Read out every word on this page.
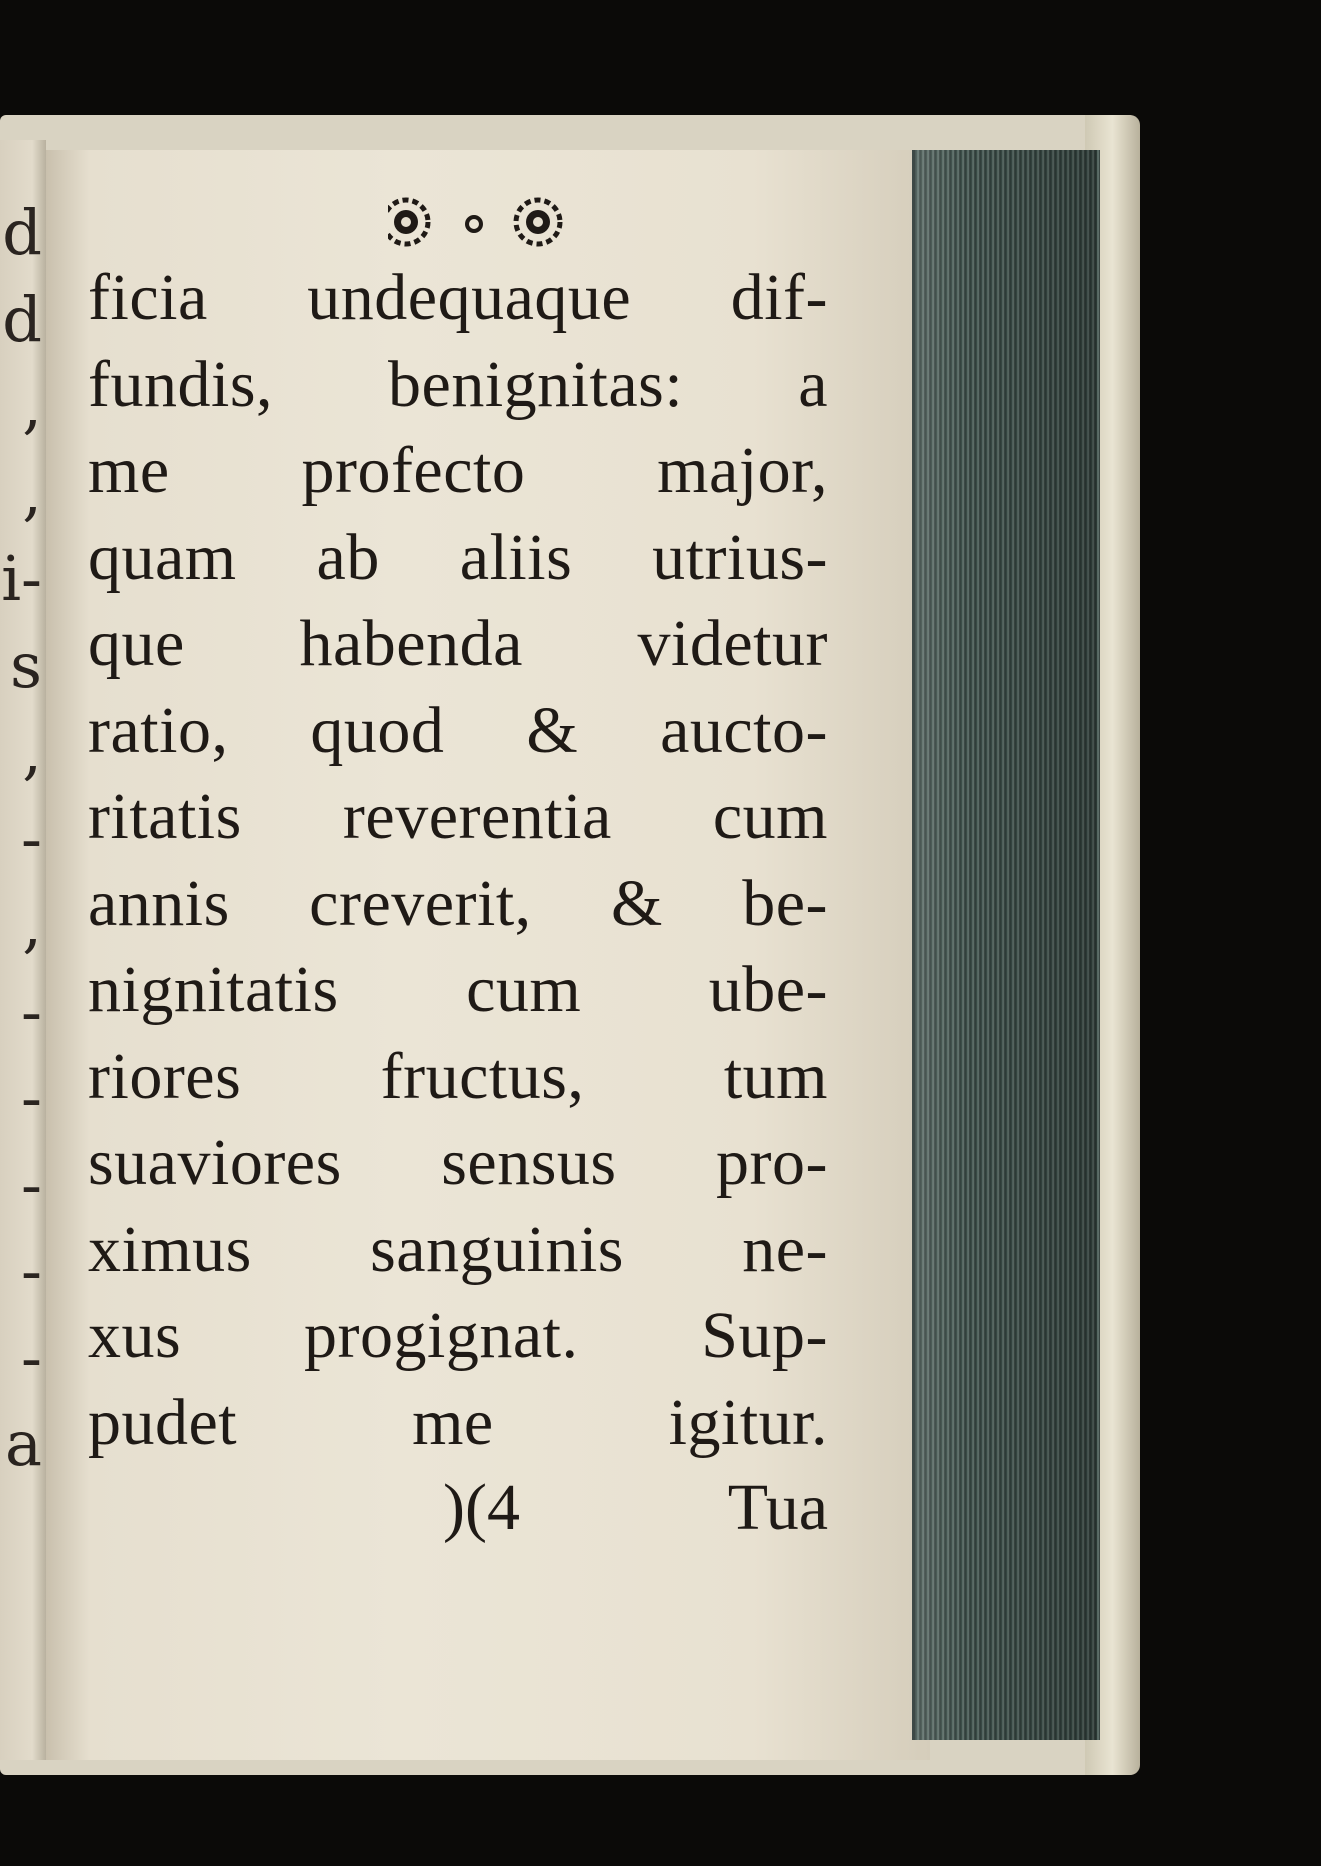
d
d
,
,
i-
s
,
-
,
-
-
-
-
-
a
ficia undequaque dif-
fundis, benignitas: a
me profecto major,
quam ab aliis utrius-
que habenda videtur
ratio, quod & aucto-
ritatis reverentia cum
annis creverit, & be-
nignitatis cum ube-
riores fructus, tum
suaviores sensus pro-
ximus sanguinis ne-
xus progignat. Sup-
pudet me igitur.
)(4	Tua
